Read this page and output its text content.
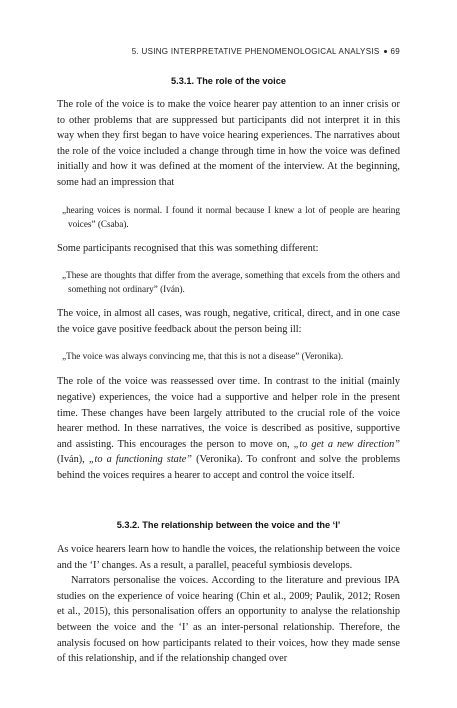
5. USING INTERPRETATIVE PHENOMENOLOGICAL ANALYSIS 69
5.3.1. The role of the voice

The role of the voice is to make the voice hearer pay attention to an inner crisis or to other problems that are suppressed but participants did not interpret it in this way when they first began to have voice hearing experiences. The narratives about the role of the voice included a change through time in how the voice was defined initially and how it was defined at the moment of the interview. At the beginning, some had an impression that

„hearing voices is normal. I found it normal because I knew a lot of people are hearing voices” (Csaba).

Some participants recognised that this was something different:

„These are thoughts that differ from the average, something that excels from the others and something not ordinary” (Iván).

The voice, in almost all cases, was rough, negative, critical, direct, and in one case the voice gave positive feedback about the person being ill:

„The voice was always convincing me, that this is not a disease” (Veronika).

The role of the voice was reassessed over time. In contrast to the initial (mainly negative) experiences, the voice had a supportive and helper role in the present time. These changes have been largely attributed to the crucial role of the voice hearer method. In these narratives, the voice is described as positive, supportive and assisting. This encourages the person to move on, „to get a new direction” (Iván), „to a functioning state” (Veronika). To confront and solve the problems behind the voices requires a hearer to accept and control the voice itself.

5.3.2. The relationship between the voice and the ‘I’

As voice hearers learn how to handle the voices, the relationship between the voice and the ‘I’ changes. As a result, a parallel, peaceful symbiosis develops.

Narrators personalise the voices. According to the literature and previous IPA studies on the experience of voice hearing (Chin et al., 2009; Paulik, 2012; Rosen et al., 2015), this personalisation offers an opportunity to analyse the relationship between the voice and the ‘I’ as an inter-personal relationship. Therefore, the analysis focused on how participants related to their voices, how they made sense of this relationship, and if the relationship changed over
